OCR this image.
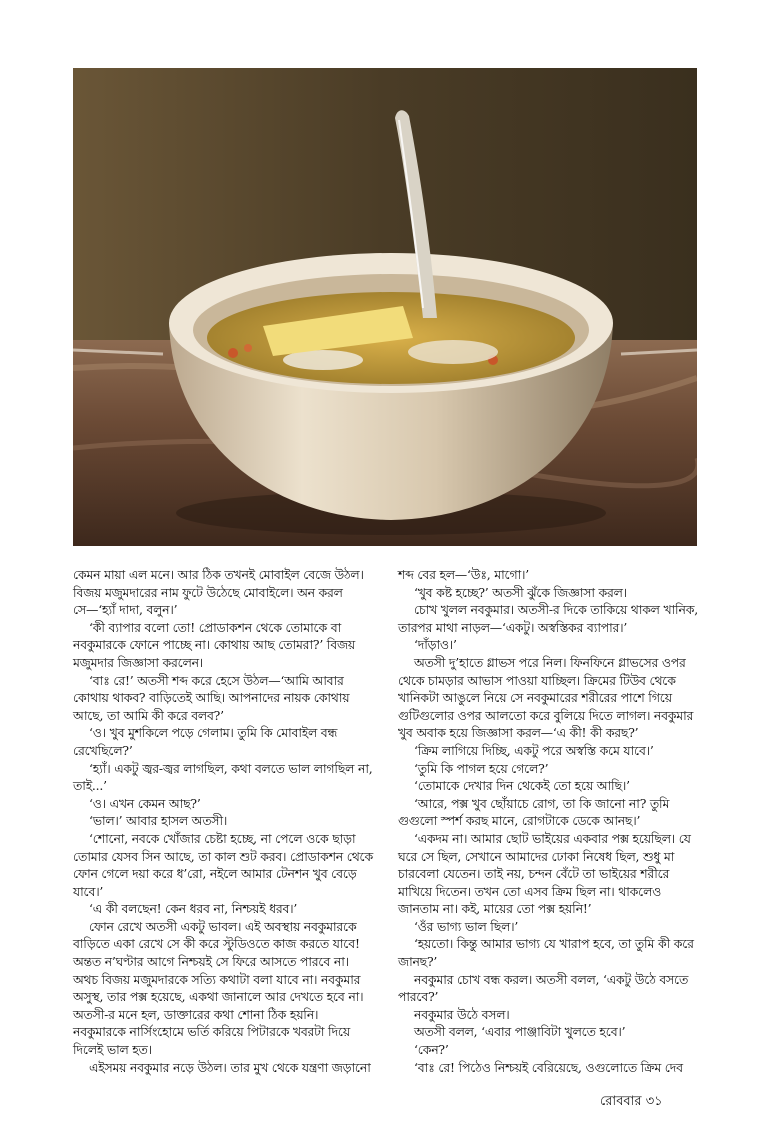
কেমন মায়া এল মনে। আর ঠিক তখনই মোবাইল বেজে উঠল।

বিজয় মজুমদারের নাম ফুটে উঠেছে মোবাইলে। অন করল

সে—‘হ্যাঁ দাদা, বলুন।’

‘কী ব্যাপার বলো তো! প্রোডাকশন থেকে তোমাকে বা

নবকুমারকে ফোনে পাচ্ছে না। কোথায় আছ তোমরা?’ বিজয়

মজুমদার জিজ্ঞাসা করলেন।

‘বাঃ রে!’ অতসী শব্দ করে হেসে উঠল—‘আমি আবার

কোথায় থাকব? বাড়িতেই আছি। আপনাদের নায়ক কোথায়

আছে, তা আমি কী করে বলব?’

‘ও। খুব মুশকিলে পড়ে গেলাম। তুমি কি মোবাইল বন্ধ

রেখেছিলে?’

‘হ্যাঁ। একটু জ্বর-জ্বর লাগছিল, কথা বলতে ভাল লাগছিল না,

তাই...’

‘ও। এখন কেমন আছ?’

‘ভাল।’ আবার হাসল অতসী।

‘শোনো, নবকে খোঁজার চেষ্টা হচ্ছে, না পেলে ওকে ছাড়া

তোমার যেসব সিন আছে, তা কাল শুট করব। প্রোডাকশন থেকে

ফোন গেলে দয়া করে ধ’রো, নইলে আমার টেনশন খুব বেড়ে

যাবে।’

‘এ কী বলছেন! কেন ধরব না, নিশ্চয়ই ধরব।’

ফোন রেখে অতসী একটু ভাবল। এই অবস্থায় নবকুমারকে

বাড়িতে একা রেখে সে কী করে স্টুডিওতে কাজ করতে যাবে!

অন্তত ন’ঘণ্টার আগে নিশ্চয়ই সে ফিরে আসতে পারবে না।

অথচ বিজয় মজুমদারকে সত্যি কথাটা বলা যাবে না। নবকুমার

অসুস্থ, তার পক্স হয়েছে, একথা জানালে আর দেখতে হবে না।

অতসী-র মনে হল, ডাক্তারের কথা শোনা ঠিক হয়নি।

নবকুমারকে নার্সিংহোমে ভর্তি করিয়ে পিটারকে খবরটা দিয়ে

দিলেই ভাল হত।

এইসময় নবকুমার নড়ে উঠল। তার মুখ থেকে যন্ত্রণা জড়ানো

শব্দ বের হল—‘উঃ, মাগো।’

‘খুব কষ্ট হচ্ছে?’ অতসী ঝুঁকে জিজ্ঞাসা করল।

চোখ খুলল নবকুমার। অতসী-র দিকে তাকিয়ে থাকল খানিক,

তারপর মাথা নাড়ল—‘একটু। অস্বস্তিকর ব্যাপার।’

‘দাঁড়াও।’

অতসী দু’হাতে গ্লাভস পরে নিল। ফিনফিনে গ্লাভসের ওপর

থেকে চামড়ার আভাস পাওয়া যাচ্ছিল। ক্রিমের টিউব থেকে

খানিকটা আঙুলে নিয়ে সে নবকুমারের শরীরের পাশে গিয়ে

গুটিগুলোর ওপর আলতো করে বুলিয়ে দিতে লাগল। নবকুমার

খুব অবাক হয়ে জিজ্ঞাসা করল—‘এ কী! কী করছ?’

‘ক্রিম লাগিয়ে দিচ্ছি, একটু পরে অস্বস্তি কমে যাবে।’

‘তুমি কি পাগল হয়ে গেলে?’

‘তোমাকে দেখার দিন থেকেই তো হয়ে আছি।’

‘আরে, পক্স খুব ছোঁয়াচে রোগ, তা কি জানো না? তুমি

গুগুলো স্পর্শ করছ মানে, রোগটাকে ডেকে আনছ।’

‘একদম না। আমার ছোট ভাইয়ের একবার পক্স হয়েছিল। যে

ঘরে সে ছিল, সেখানে আমাদের ঢোকা নিষেধ ছিল, শুধু মা

চারবেলা যেতেন। তাই নয়, চন্দন বেঁটে তা ভাইয়ের শরীরে

মাখিয়ে দিতেন। তখন তো এসব ক্রিম ছিল না। থাকলেও

জানতাম না। কই, মায়ের তো পক্স হয়নি!’

‘ওঁর ভাগ্য ভাল ছিল।’

‘হয়তো। কিন্তু আমার ভাগ্য যে খারাপ হবে, তা তুমি কী করে

জানছ?’

নবকুমার চোখ বন্ধ করল। অতসী বলল, ‘একটু উঠে বসতে

পারবে?’

নবকুমার উঠে বসল।

অতসী বলল, ‘এবার পাঞ্জাবিটা খুলতে হবে।’

‘কেন?’

‘বাঃ রে! পিঠেও নিশ্চয়ই বেরিয়েছে, ওগুলোতে ক্রিম দেব

রোববার ৩১
